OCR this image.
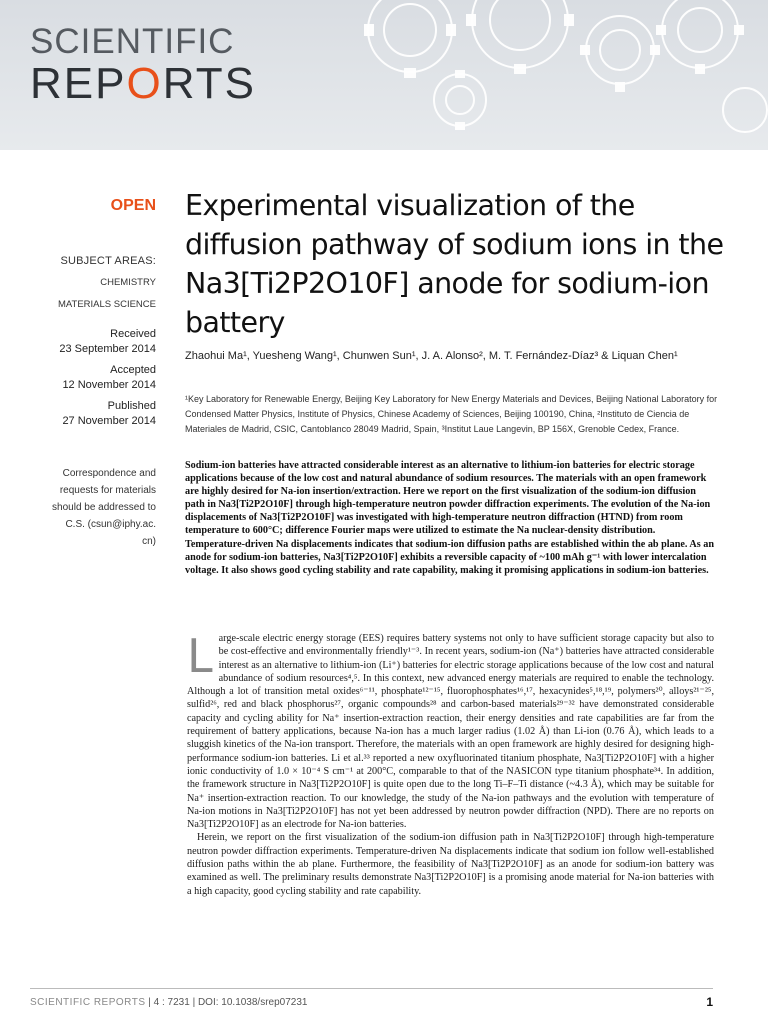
SCIENTIFIC
REPORTS
OPEN
SUBJECT AREAS:
CHEMISTRY
MATERIALS SCIENCE
Received
23 September 2014
Accepted
12 November 2014
Published
27 November 2014
Correspondence and
requests for materials
should be addressed to
C.S. (csun@iphy.ac.
cn)
Experimental visualization of the
diffusion pathway of sodium ions in the
Na3[Ti2P2O10F] anode for sodium-ion
battery
Zhaohui Ma¹, Yuesheng Wang¹, Chunwen Sun¹, J. A. Alonso², M. T. Fernández-Díaz³ & Liquan Chen¹
¹Key Laboratory for Renewable Energy, Beijing Key Laboratory for New Energy Materials and Devices, Beijing National Laboratory for Condensed Matter Physics, Institute of Physics, Chinese Academy of Sciences, Beijing 100190, China, ²Instituto de Ciencia de Materiales de Madrid, CSIC, Cantoblanco 28049 Madrid, Spain, ³Institut Laue Langevin, BP 156X, Grenoble Cedex, France.

Sodium-ion batteries have attracted considerable interest as an alternative to lithium-ion batteries for electric storage applications because of the low cost and natural abundance of sodium resources. The materials with an open framework are highly desired for Na-ion insertion/extraction. Here we report on the first visualization of the sodium-ion diffusion path in Na3[Ti2P2O10F] through high-temperature neutron powder diffraction experiments. The evolution of the Na-ion displacements of Na3[Ti2P2O10F] was investigated with high-temperature neutron diffraction (HTND) from room temperature to 600°C; difference Fourier maps were utilized to estimate the Na nuclear-density distribution. Temperature-driven Na displacements indicates that sodium-ion diffusion paths are established within the ab plane. As an anode for sodium-ion batteries, Na3[Ti2P2O10F] exhibits a reversible capacity of ~100 mAh g⁻¹ with lower intercalation voltage. It also shows good cycling stability and rate capability, making it promising applications in sodium-ion batteries.

Large-scale electric energy storage (EES) requires battery systems not only to have sufficient storage capacity but also to be cost-effective and environmentally friendly¹⁻³. In recent years, sodium-ion (Na⁺) batteries have attracted considerable interest as an alternative to lithium-ion (Li⁺) batteries for electric storage applications because of the low cost and natural abundance of sodium resources⁴,⁵. In this context, new advanced energy materials are required to enable the technology. Although a lot of transition metal oxides⁶⁻¹¹, phosphate¹²⁻¹⁵, fluorophosphates¹⁶,¹⁷, hexacynides⁵,¹⁸,¹⁹, polymers²⁰, alloys²¹⁻²⁵, sulfid²⁶, red and black phosphorus²⁷, organic compounds²⁸ and carbon-based materials²⁹⁻³² have demonstrated considerable capacity and cycling ability for Na⁺ insertion-extraction reaction, their energy densities and rate capabilities are far from the requirement of battery applications, because Na-ion has a much larger radius (1.02 Å) than Li-ion (0.76 Å), which leads to a sluggish kinetics of the Na-ion transport. Therefore, the materials with an open framework are highly desired for designing high-performance sodium-ion batteries. Li et al.³³ reported a new oxyfluorinated titanium phosphate, Na3[Ti2P2O10F] with a higher ionic conductivity of 1.0 × 10⁻⁴ S cm⁻¹ at 200°C, comparable to that of the NASICON type titanium phosphate³⁴. In addition, the framework structure in Na3[Ti2P2O10F] is quite open due to the long Ti–F–Ti distance (~4.3 Å), which may be suitable for Na⁺ insertion-extraction reaction. To our knowledge, the study of the Na-ion pathways and the evolution with temperature of Na-ion motions in Na3[Ti2P2O10F] has not yet been addressed by neutron powder diffraction (NPD). There are no reports on Na3[Ti2P2O10F] as an electrode for Na-ion batteries.

Herein, we report on the first visualization of the sodium-ion diffusion path in Na3[Ti2P2O10F] through high-temperature neutron powder diffraction experiments. Temperature-driven Na displacements indicate that sodium ion follow well-established diffusion paths within the ab plane. Furthermore, the feasibility of Na3[Ti2P2O10F] as an anode for sodium-ion battery was examined as well. The preliminary results demonstrate Na3[Ti2P2O10F] is a promising anode material for Na-ion batteries with a high capacity, good cycling stability and rate capability.

SCIENTIFIC REPORTS | 4 : 7231 | DOI: 10.1038/srep07231	1
